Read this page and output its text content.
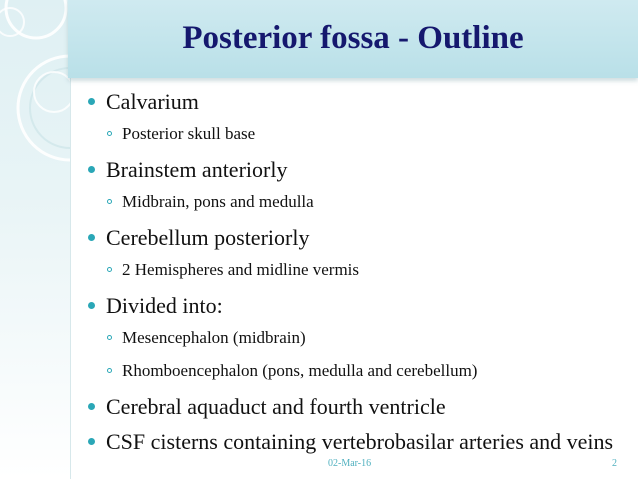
Posterior fossa - Outline
Calvarium
Posterior skull base
Brainstem anteriorly
Midbrain, pons and medulla
Cerebellum posteriorly
2 Hemispheres and midline vermis
Divided into:
Mesencephalon (midbrain)
Rhomboencephalon (pons, medulla and cerebellum)
Cerebral aquaduct and fourth ventricle
CSF cisterns containing vertebrobasilar arteries and veins
02-Mar-16	2
